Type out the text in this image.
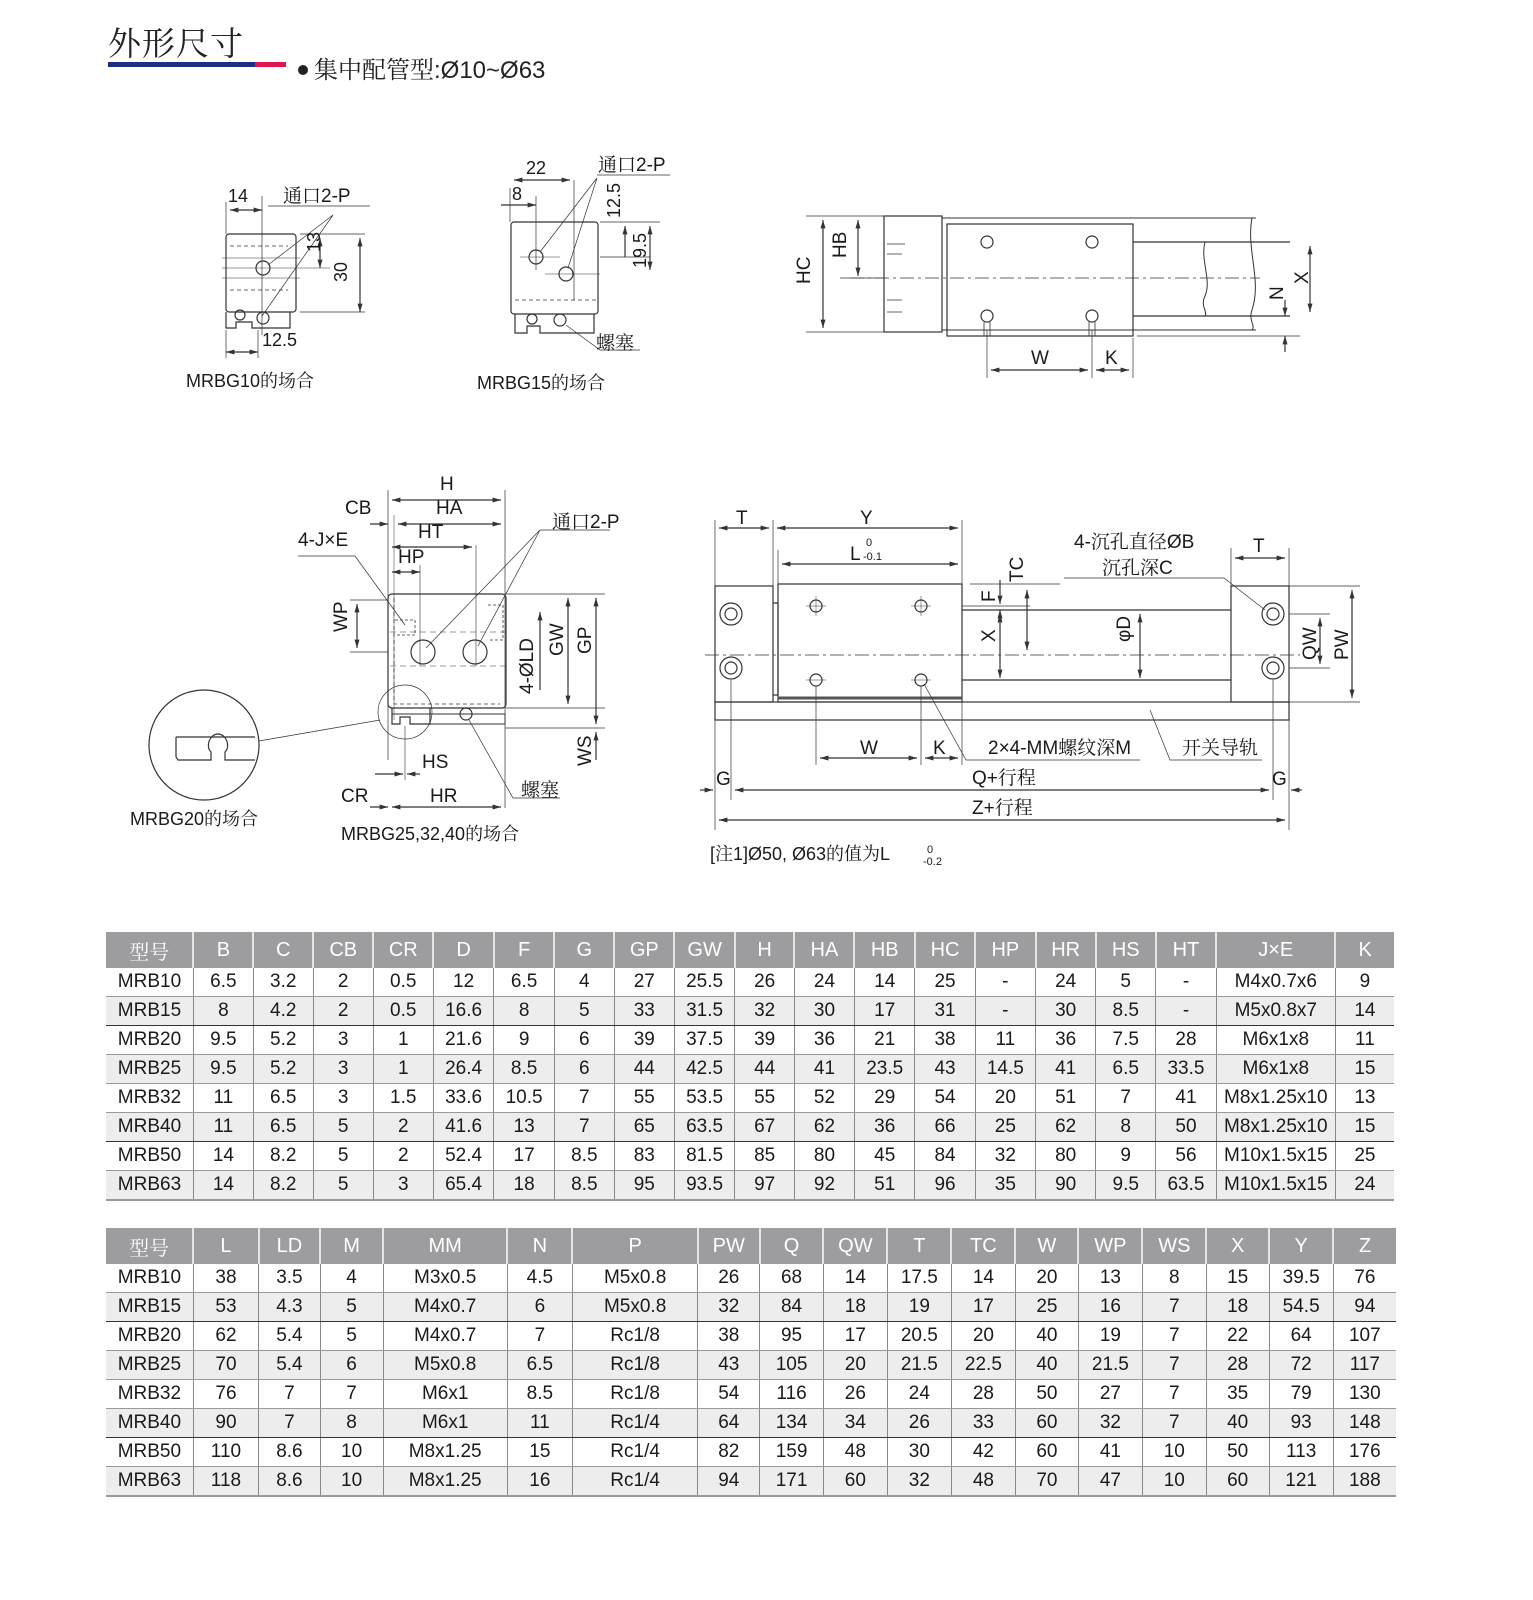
外形尺寸
集中配管型:Ø10~Ø63
14 通口2-P
13
30
12.5
MRBG10的场合
22
8
通口2-P
12.5
19.5
螺塞
MRBG15的场合
HC
HB
N
X
W	K
MRBG20的场合
H
HA
CB
HT
HP
4-J×E
通口2-P
WP
4-ØLD GW GP
WS
HS
CR	HR	螺塞
MRBG25,32,40的场合
T	Y
L
0
-0.1	TC
F
X	φD
4-沉孔直径ØB
沉孔深C
T
QW PW
W	K 2×4-MM螺纹深M	开关导轨
G	G
Q+行程
Z+行程
[注1]Ø50, Ø63的值为L	0
-0.2
型号	B	C	CB	CR	D	F	G	GP	GW	H	HA	HB	HC	HP	HR	HS	HT	J×E	K
MRB10	6.5	3.2	2	0.5	12	6.5	4	27	25.5	26	24	14	25	-	24	5	-	M4x0.7x6	9
MRB15	8	4.2	2	0.5	16.6	8	5	33	31.5	32	30	17	31	-	30	8.5	-	M5x0.8x7	14
MRB20	9.5	5.2	3	1	21.6	9	6	39	37.5	39	36	21	38	11	36	7.5	28	M6x1x8	11
MRB25	9.5	5.2	3	1	26.4	8.5	6	44	42.5	44	41	23.5	43	14.5	41	6.5	33.5	M6x1x8	15
MRB32	11	6.5	3	1.5	33.6	10.5	7	55	53.5	55	52	29	54	20	51	7	41	M8x1.25x10	13
MRB40	11	6.5	5	2	41.6	13	7	65	63.5	67	62	36	66	25	62	8	50	M8x1.25x10	15
MRB50	14	8.2	5	2	52.4	17	8.5	83	81.5	85	80	45	84	32	80	9	56	M10x1.5x15	25
MRB63	14	8.2	5	3	65.4	18	8.5	95	93.5	97	92	51	96	35	90	9.5	63.5	M10x1.5x15	24
型号	L	LD	M	MM	N	P	PW	Q	QW	T	TC	W	WP	WS	X	Y	Z
MRB10	38	3.5	4	M3x0.5	4.5	M5x0.8	26	68	14	17.5	14	20	13	8	15	39.5	76
MRB15	53	4.3	5	M4x0.7	6	M5x0.8	32	84	18	19	17	25	16	7	18	54.5	94
MRB20	62	5.4	5	M4x0.7	7	Rc1/8	38	95	17	20.5	20	40	19	7	22	64	107
MRB25	70	5.4	6	M5x0.8	6.5	Rc1/8	43	105	20	21.5	22.5	40	21.5	7	28	72	117
MRB32	76	7	7	M6x1	8.5	Rc1/8	54	116	26	24	28	50	27	7	35	79	130
MRB40	90	7	8	M6x1	11	Rc1/4	64	134	34	26	33	60	32	7	40	93	148
MRB50	110	8.6	10	M8x1.25	15	Rc1/4	82	159	48	30	42	60	41	10	50	113	176
MRB63	118	8.6	10	M8x1.25	16	Rc1/4	94	171	60	32	48	70	47	10	60	121	188
